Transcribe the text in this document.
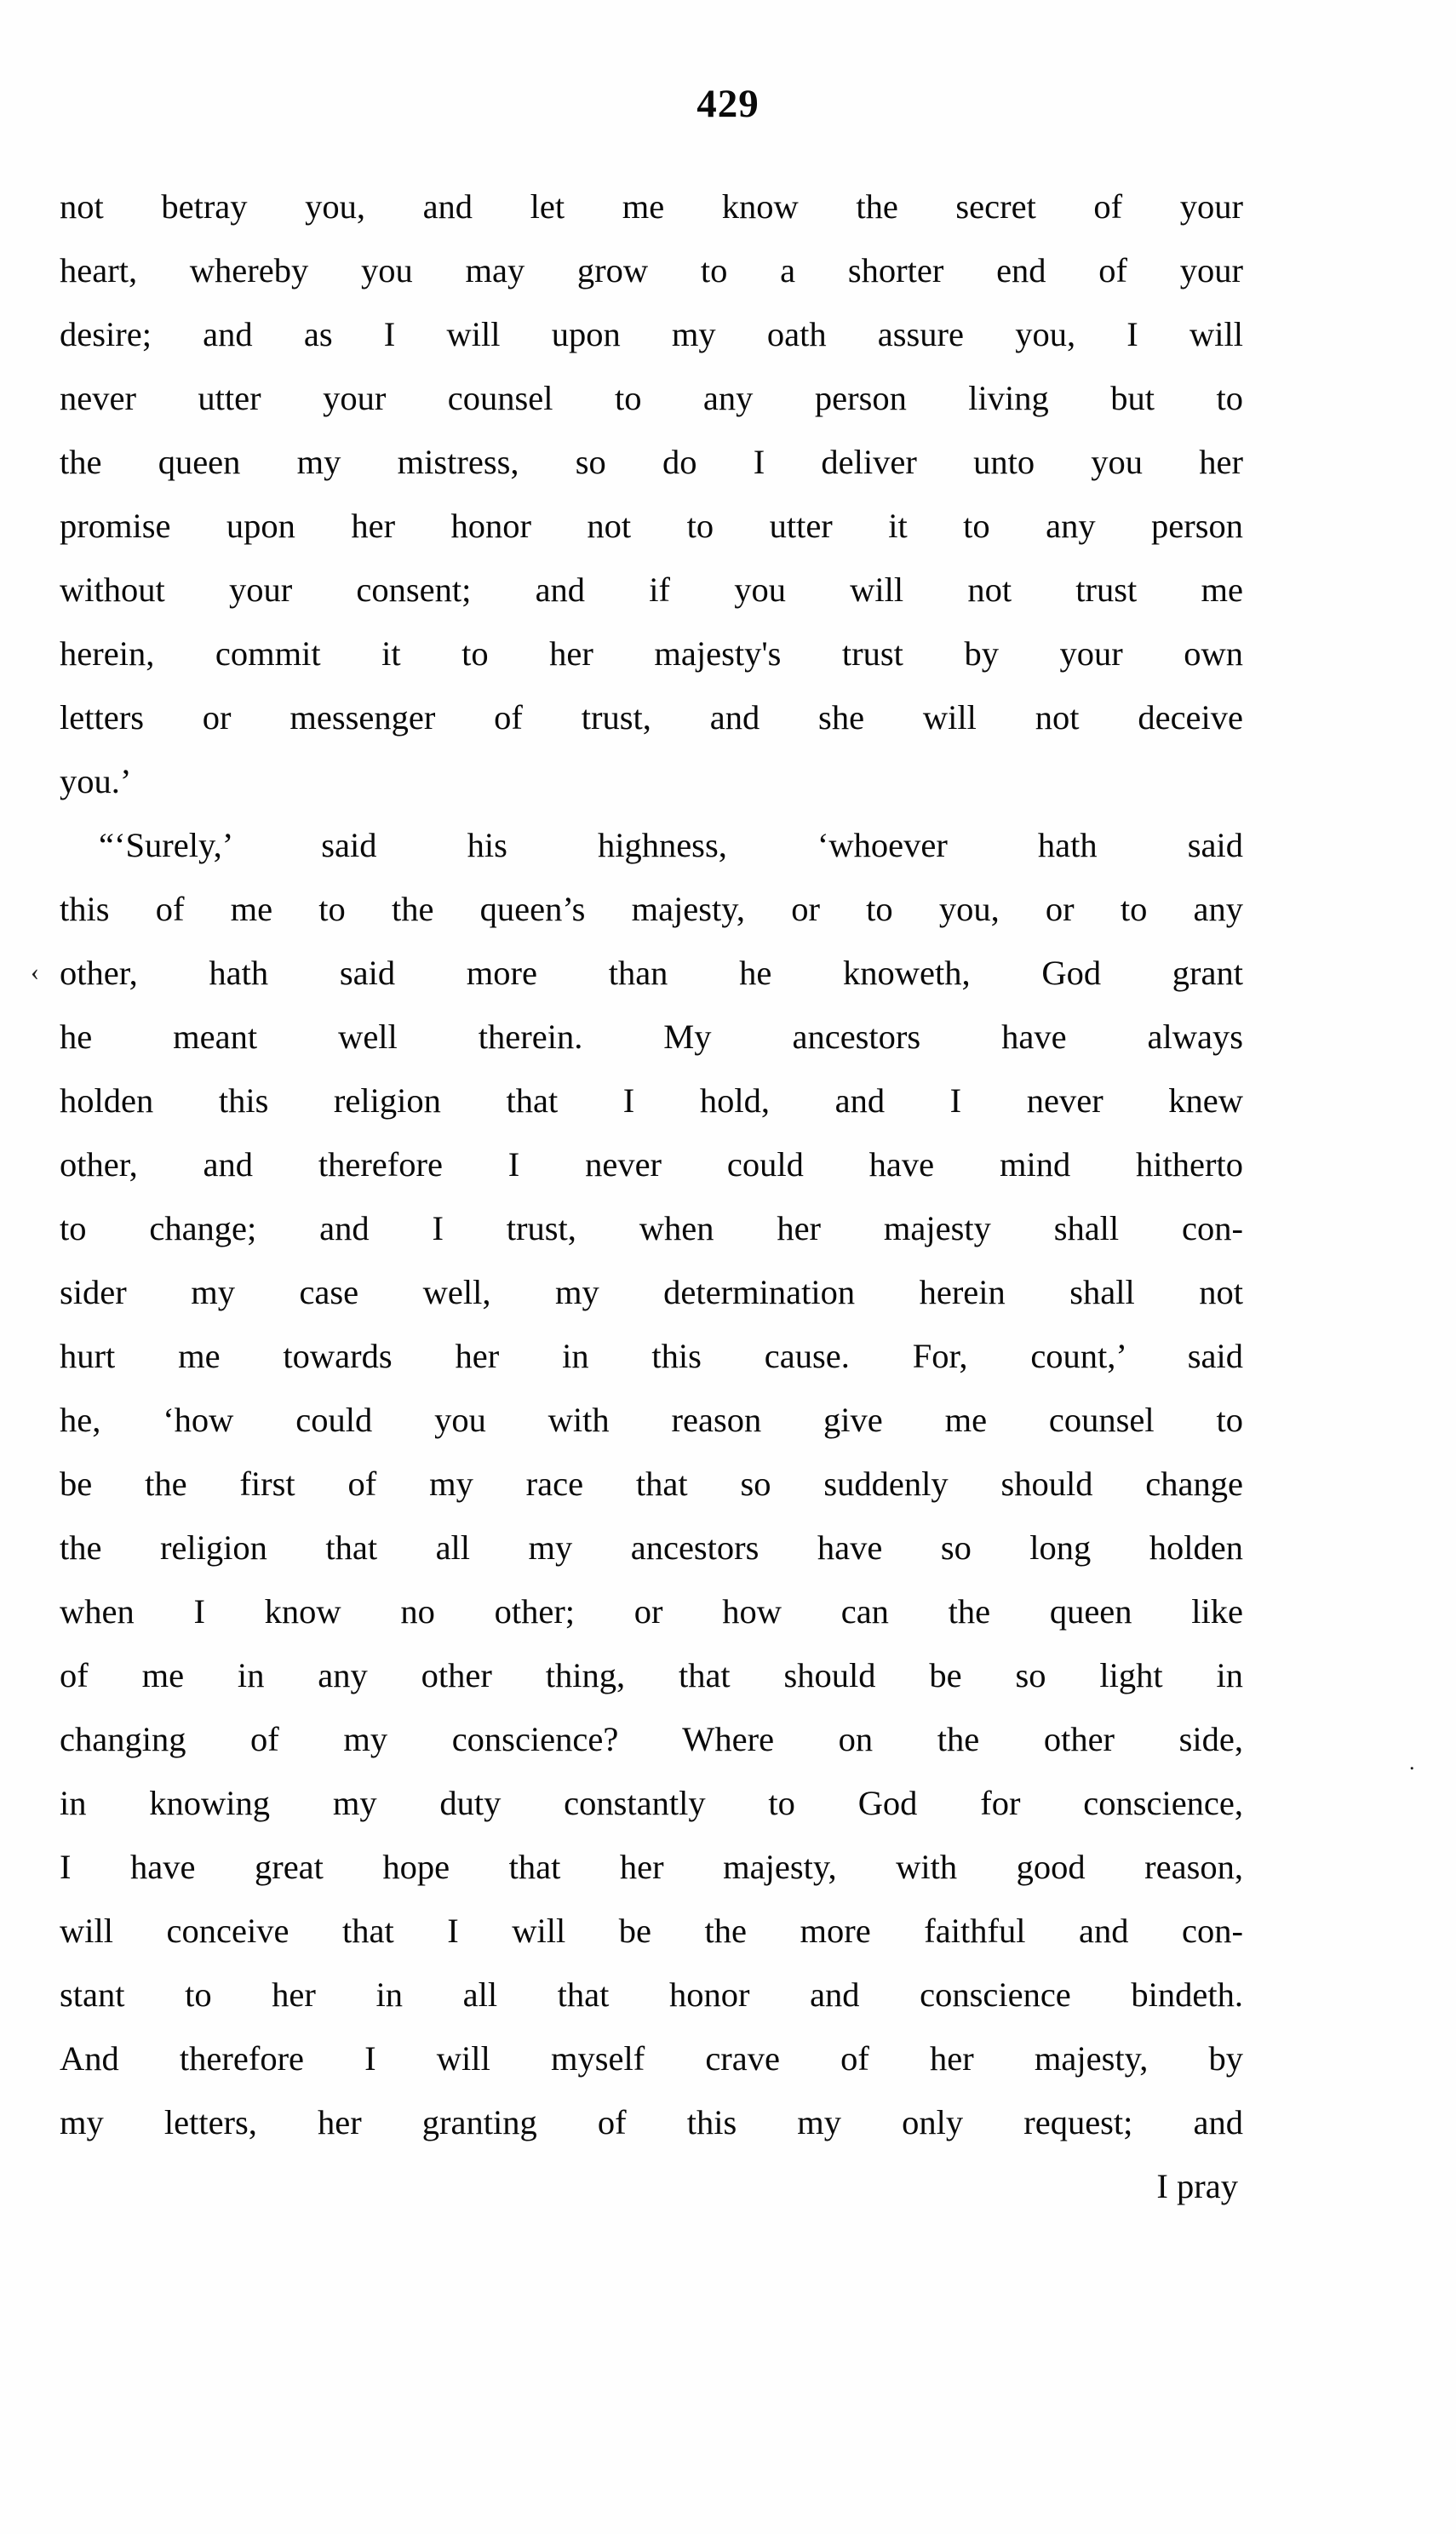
429
‹
.
not betray you, and let me know the secret of your
heart, whereby you may grow to a shorter end of your
desire; and as I will upon my oath assure you, I will
never utter your counsel to any person living but to
the queen my mistress, so do I deliver unto you her
promise upon her honor not to utter it to any person
without your consent; and if you will not trust me
herein, commit it to her majesty's trust by your own
letters or messenger of trust, and she will not deceive
you.’
“‘Surely,’ said his highness, ‘whoever hath said
this of me to the queen’s majesty, or to you, or to any
other, hath said more than he knoweth, God grant
he meant well therein. My ancestors have always
holden this religion that I hold, and I never knew
other, and therefore I never could have mind hitherto
to change; and I trust, when her majesty shall con-
sider my case well, my determination herein shall not
hurt me towards her in this cause. For, count,’ said
he, ‘how could you with reason give me counsel to
be the first of my race that so suddenly should change
the religion that all my ancestors have so long holden
when I know no other; or how can the queen like
of me in any other thing, that should be so light in
changing of my conscience? Where on the other side,
in knowing my duty constantly to God for conscience,
I have great hope that her majesty, with good reason,
will conceive that I will be the more faithful and con-
stant to her in all that honor and conscience bindeth.
And therefore I will myself crave of her majesty, by
my letters, her granting of this my only request; and
I pray
